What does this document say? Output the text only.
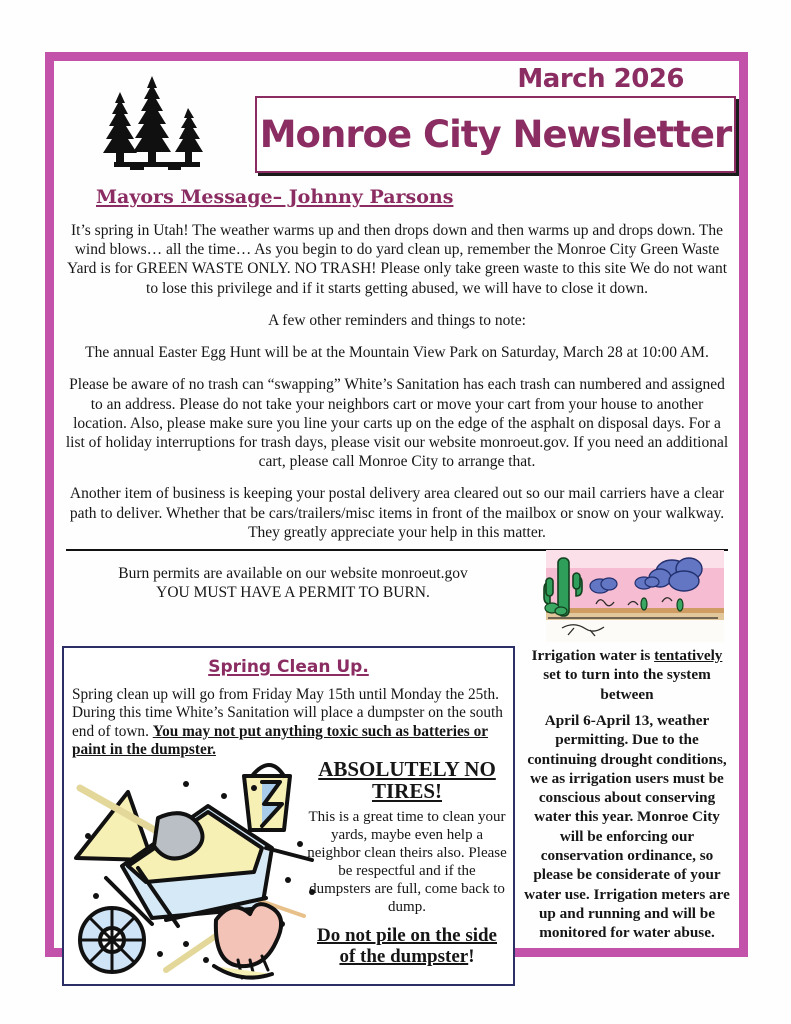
March 2026
Monroe City Newsletter
Mayors Message– Johnny Parsons

It’s spring in Utah! The weather warms up and then drops down and then warms up and drops down. The wind blows… all the time… As you begin to do yard clean up, remember the Monroe City Green Waste Yard is for GREEN WASTE ONLY. NO TRASH! Please only take green waste to this site We do not want to lose this privilege and if it starts getting abused, we will have to close it down.

A few other reminders and things to note:

The annual Easter Egg Hunt will be at the Mountain View Park on Saturday, March 28 at 10:00 AM.

Please be aware of no trash can “swapping” White’s Sanitation has each trash can numbered and assigned to an address. Please do not take your neighbors cart or move your cart from your house to another location. Also, please make sure you line your carts up on the edge of the asphalt on disposal days. For a list of holiday interruptions for trash days, please visit our website monroeut.gov. If you need an additional cart, please call Monroe City to arrange that.

Another item of business is keeping your postal delivery area cleared out so our mail carriers have a clear path to deliver. Whether that be cars/trailers/misc items in front of the mailbox or snow on your walkway. They greatly appreciate your help in this matter.

Burn permits are available on our website monroeut.gov
YOU MUST HAVE A PERMIT TO BURN.
Spring Clean Up.
Spring clean up will go from Friday May 15th until Monday the 25th. During this time White’s Sanitation will place a dumpster on the south end of town. You may not put anything toxic such as batteries or paint in the dumpster.
ABSOLUTELY NO TIRES!
This is a great time to clean your yards, maybe even help a neighbor clean theirs also. Please be respectful and if the dumpsters are full, come back to dump.
Do not pile on the side of the dumpster!
Irrigation water is tentatively set to turn into the system between
April 6-April 13, weather permitting. Due to the continuing drought conditions, we as irrigation users must be conscious about conserving water this year. Monroe City will be enforcing our conservation ordinance, so please be considerate of your water use. Irrigation meters are up and running and will be monitored for water abuse.
